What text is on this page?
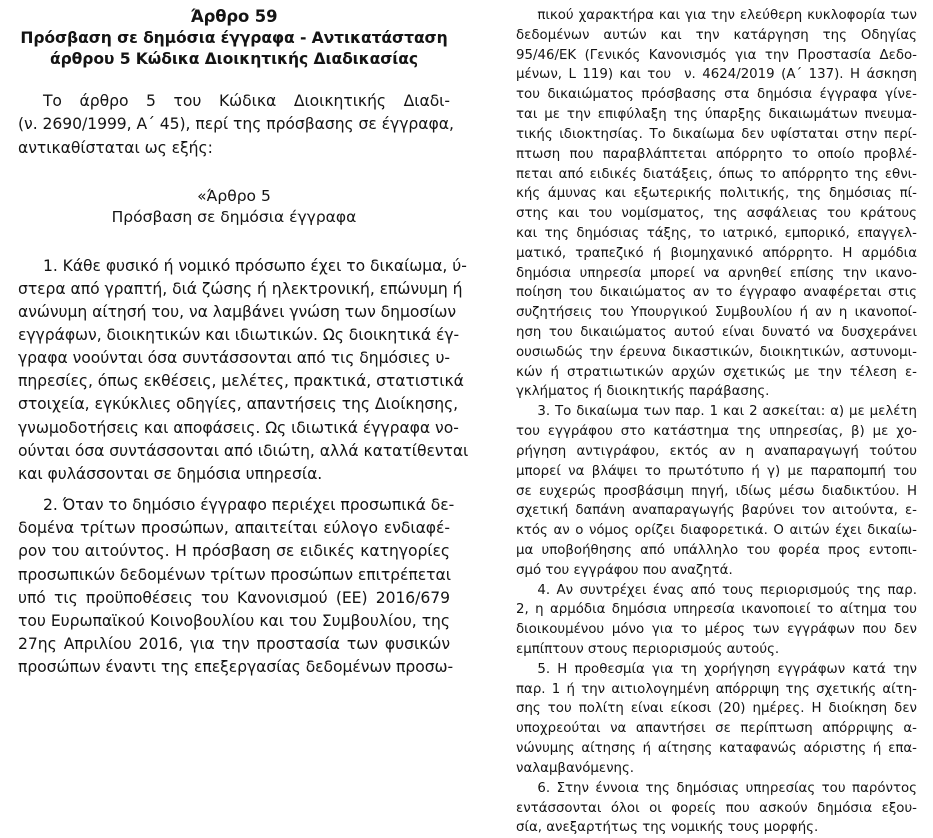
Άρθρο 59
Πρόσβαση σε δημόσια έγγραφα - Αντικατάσταση
άρθρου 5 Κώδικα Διοικητικής Διαδικασίας

Το άρθρο 5 του Κώδικα Διοικητικής Διαδι-
(ν. 2690/1999, Α΄ 45), περί της πρόσβασης σε έγγραφα,
αντικαθίσταται ως εξής:

«Άρθρο 5
Πρόσβαση σε δημόσια έγγραφα

1. Κάθε φυσικό ή νομικό πρόσωπο έχει το δικαίωμα, ύ-
στερα από γραπτή, διά ζώσης ή ηλεκτρονική, επώνυμη ή
ανώνυμη αίτησή του, να λαμβάνει γνώση των δημοσίων
εγγράφων, διοικητικών και ιδιωτικών. Ως διοικητικά έγ-
γραφα νοούνται όσα συντάσσονται από τις δημόσιες υ-
πηρεσίες, όπως εκθέσεις, μελέτες, πρακτικά, στατιστικά
στοιχεία, εγκύκλιες οδηγίες, απαντήσεις της Διοίκησης,
γνωμοδοτήσεις και αποφάσεις. Ως ιδιωτικά έγγραφα νο-
ούνται όσα συντάσσονται από ιδιώτη, αλλά κατατίθενται
και φυλάσσονται σε δημόσια υπηρεσία.

2. Όταν το δημόσιο έγγραφο περιέχει προσωπικά δε-
δομένα τρίτων προσώπων, απαιτείται εύλογο ενδιαφέ-
ρον του αιτούντος. Η πρόσβαση σε ειδικές κατηγορίες
προσωπικών δεδομένων τρίτων προσώπων επιτρέπεται
υπό τις προϋποθέσεις του Κανονισμού (ΕΕ) 2016/679
του Ευρωπαϊκού Κοινοβουλίου και του Συμβουλίου, της
27ης Απριλίου 2016, για την προστασία των φυσικών
προσώπων έναντι της επεξεργασίας δεδομένων προσω-

πικού χαρακτήρα και για την ελεύθερη κυκλοφορία των
δεδομένων αυτών και την κατάργηση της Οδηγίας
95/46/ΕΚ (Γενικός Κανονισμός για την Προστασία Δεδο-
μένων, L 119) και του  ν. 4624/2019 (Α΄ 137). Η άσκηση
του δικαιώματος πρόσβασης στα δημόσια έγγραφα γίνε-
ται με την επιφύλαξη της ύπαρξης δικαιωμάτων πνευμα-
τικής ιδιοκτησίας. Το δικαίωμα δεν υφίσταται στην περί-
πτωση που παραβλάπτεται απόρρητο το οποίο προβλέ-
πεται από ειδικές διατάξεις, όπως το απόρρητο της εθνι-
κής άμυνας και εξωτερικής πολιτικής, της δημόσιας πί-
στης και του νομίσματος, της ασφάλειας του κράτους
και της δημόσιας τάξης, το ιατρικό, εμπορικό, επαγγελ-
ματικό, τραπεζικό ή βιομηχανικό απόρρητο. Η αρμόδια
δημόσια υπηρεσία μπορεί να αρνηθεί επίσης την ικανο-
ποίηση του δικαιώματος αν το έγγραφο αναφέρεται στις
συζητήσεις του Υπουργικού Συμβουλίου ή αν η ικανοποί-
ηση του δικαιώματος αυτού είναι δυνατό να δυσχεράνει
ουσιωδώς την έρευνα δικαστικών, διοικητικών, αστυνομι-
κών ή στρατιωτικών αρχών σχετικώς με την τέλεση ε-
γκλήματος ή διοικητικής παράβασης.

3. Το δικαίωμα των παρ. 1 και 2 ασκείται: α) με μελέτη
του εγγράφου στο κατάστημα της υπηρεσίας, β) με χο-
ρήγηση αντιγράφου, εκτός αν η αναπαραγωγή τούτου
μπορεί να βλάψει το πρωτότυπο ή γ) με παραπομπή του
σε ευχερώς προσβάσιμη πηγή, ιδίως μέσω διαδικτύου. Η
σχετική δαπάνη αναπαραγωγής βαρύνει τον αιτούντα, ε-
κτός αν ο νόμος ορίζει διαφορετικά. Ο αιτών έχει δικαίω-
μα υποβοήθησης από υπάλληλο του φορέα προς εντοπι-
σμό του εγγράφου που αναζητά.

4. Αν συντρέχει ένας από τους περιορισμούς της παρ.
2, η αρμόδια δημόσια υπηρεσία ικανοποιεί το αίτημα του
διοικουμένου μόνο για το μέρος των εγγράφων που δεν
εμπίπτουν στους περιορισμούς αυτούς.

5. Η προθεσμία για τη χορήγηση εγγράφων κατά την
παρ. 1 ή την αιτιολογημένη απόρριψη της σχετικής αίτη-
σης του πολίτη είναι είκοσι (20) ημέρες. Η διοίκηση δεν
υποχρεούται να απαντήσει σε περίπτωση απόρριψης α-
νώνυμης αίτησης ή αίτησης καταφανώς αόριστης ή επα-
ναλαμβανόμενης.

6. Στην έννοια της δημόσιας υπηρεσίας του παρόντος
εντάσσονται όλοι οι φορείς που ασκούν δημόσια εξου-
σία, ανεξαρτήτως της νομικής τους μορφής.
